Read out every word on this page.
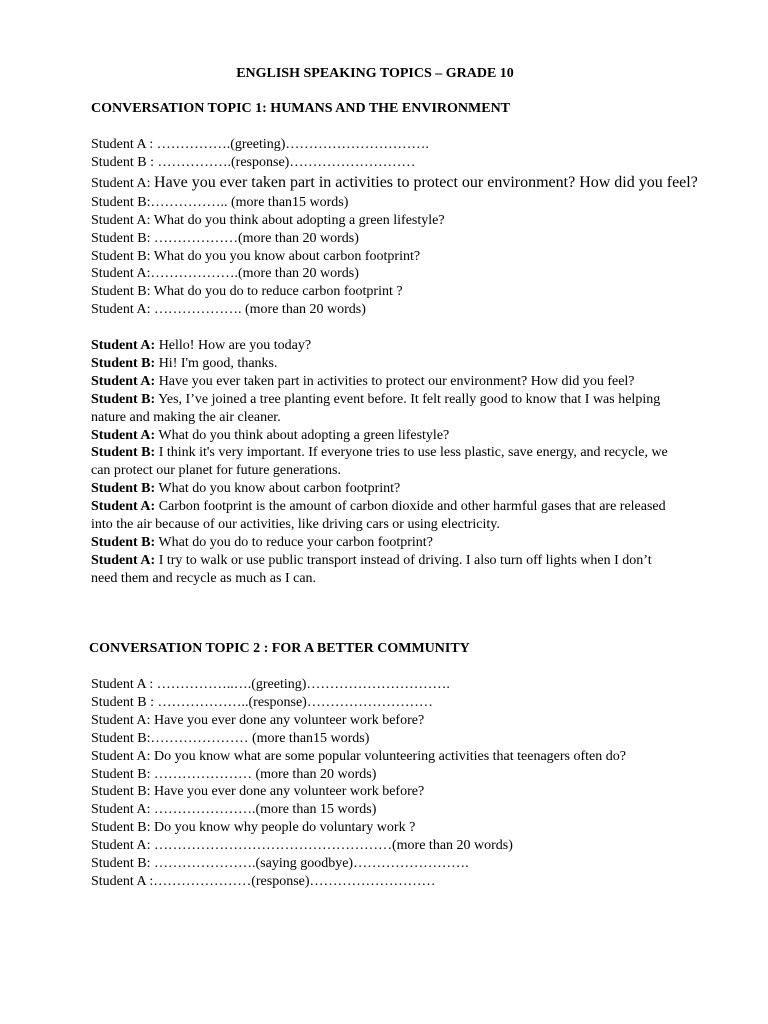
ENGLISH SPEAKING TOPICS – GRADE 10
CONVERSATION TOPIC 1: HUMANS AND THE ENVIRONMENT
Student A : …………….(greeting)………………………….
Student B : …………….(response)………………………
Student A: Have you ever taken part in activities to protect our environment? How did you feel?
Student B:…………….. (more than15 words)
Student A: What do you think about adopting a green lifestyle?
Student B: ………………(more than 20 words)
Student B: What do you you know about carbon footprint?
Student A:……………….(more than 20 words)
Student B: What do you do to reduce carbon footprint ?
Student A: ………………. (more than 20 words)
Student A: Hello! How are you today?
Student B: Hi! I'm good, thanks.
Student A: Have you ever taken part in activities to protect our environment? How did you feel?
Student B: Yes, I’ve joined a tree planting event before. It felt really good to know that I was helping nature and making the air cleaner.
Student A: What do you think about adopting a green lifestyle?
Student B: I think it's very important. If everyone tries to use less plastic, save energy, and recycle, we can protect our planet for future generations.
Student B: What do you know about carbon footprint?
Student A: Carbon footprint is the amount of carbon dioxide and other harmful gases that are released into the air because of our activities, like driving cars or using electricity.
Student B: What do you do to reduce your carbon footprint?
Student A: I try to walk or use public transport instead of driving. I also turn off lights when I don’t need them and recycle as much as I can.
CONVERSATION TOPIC 2 : FOR A BETTER COMMUNITY
Student A : ……………..….(greeting)………………………….
Student B : ………………..(response)………………………
Student A: Have you ever done any volunteer work before?
Student B:………………… (more than15 words)
Student A: Do you know what are some popular volunteering activities that teenagers often do?
Student B: ………………… (more than 20 words)
Student B: Have you ever done any volunteer work before?
Student A: ………………….(more than 15 words)
Student B: Do you know why people do voluntary work ?
Student A: ……………………………………………(more than 20 words)
Student B: ………………….(saying goodbye)…………………….
Student A :…………………(response)………………………
